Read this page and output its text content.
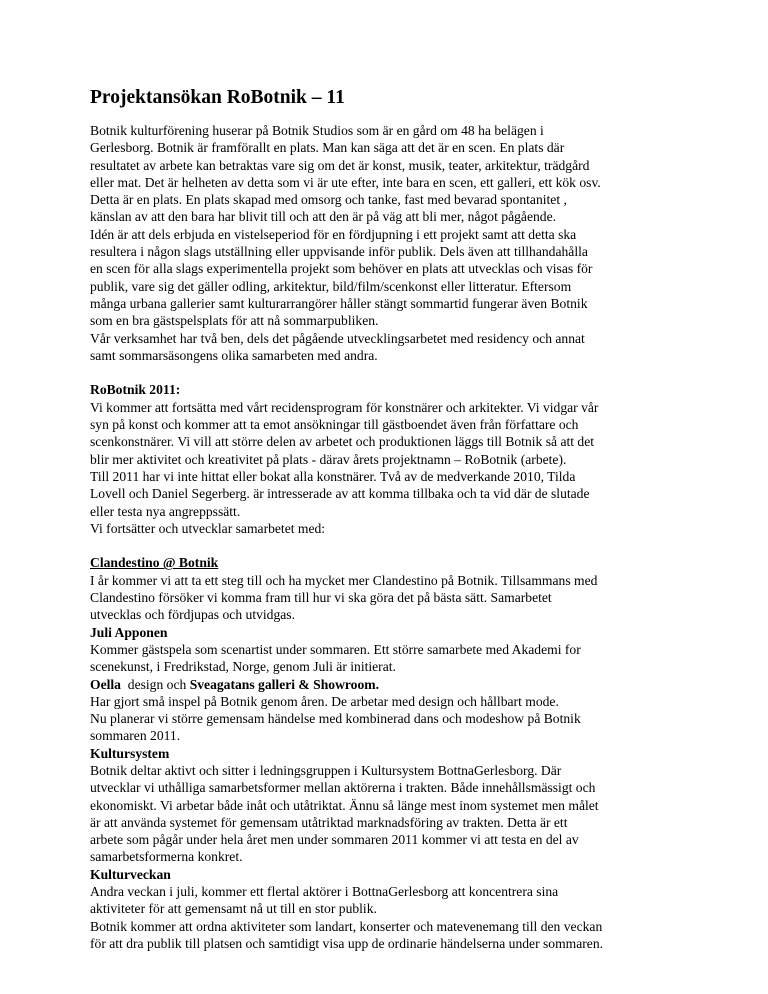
Projektansökan RoBotnik – 11
Botnik kulturförening huserar på Botnik Studios som är en gård om 48 ha belägen i
Gerlesborg. Botnik är framförallt en plats. Man kan säga att det är en scen. En plats där
resultatet av arbete kan betraktas vare sig om det är konst, musik, teater, arkitektur, trädgård
eller mat. Det är helheten av detta som vi är ute efter, inte bara en scen, ett galleri, ett kök osv.
Detta är en plats. En plats skapad med omsorg och tanke, fast med bevarad spontanitet ,
känslan av att den bara har blivit till och att den är på väg att bli mer, något pågående.
Idén är att dels erbjuda en vistelseperiod för en fördjupning i ett projekt samt att detta ska
resultera i någon slags utställning eller uppvisande inför publik. Dels även att tillhandahålla
en scen för alla slags experimentella projekt som behöver en plats att utvecklas och visas för
publik, vare sig det gäller odling, arkitektur, bild/film/scenkonst eller litteratur. Eftersom
många urbana gallerier samt kulturarrangörer håller stängt sommartid fungerar även Botnik
som en bra gästspelsplats för att nå sommarpubliken.
Vår verksamhet har två ben, dels det pågående utvecklingsarbetet med residency och annat
samt sommarsäsongens olika samarbeten med andra.
RoBotnik 2011:
Vi kommer att fortsätta med vårt recidensprogram för konstnärer och arkitekter. Vi vidgar vår
syn på konst och kommer att ta emot ansökningar till gästboendet även från författare och
scenkonstnärer. Vi vill att större delen av arbetet och produktionen läggs till Botnik så att det
blir mer aktivitet och kreativitet på plats - därav årets projektnamn – RoBotnik (arbete).
Till 2011 har vi inte hittat eller bokat alla konstnärer. Två av de medverkande 2010, Tilda
Lovell och Daniel Segerberg. är intresserade av att komma tillbaka och ta vid där de slutade
eller testa nya angreppssätt.
Vi fortsätter och utvecklar samarbetet med:
Clandestino @ Botnik
I år kommer vi att ta ett steg till och ha mycket mer Clandestino på Botnik. Tillsammans med
Clandestino försöker vi komma fram till hur vi ska göra det på bästa sätt. Samarbetet
utvecklas och fördjupas och utvidgas.
Juli Apponen
Kommer gästspela som scenartist under sommaren. Ett större samarbete med Akademi for
scenekunst, i Fredrikstad, Norge, genom Juli är initierat.
Oella  design och Sveagatans galleri & Showroom.
Har gjort små inspel på Botnik genom åren. De arbetar med design och hållbart mode.
Nu planerar vi större gemensam händelse med kombinerad dans och modeshow på Botnik
sommaren 2011.
Kultursystem
Botnik deltar aktivt och sitter i ledningsgruppen i Kultursystem BottnaGerlesborg. Där
utvecklar vi uthålliga samarbetsformer mellan aktörerna i trakten. Både innehållsmässigt och
ekonomiskt. Vi arbetar både inåt och utåtriktat. Ännu så länge mest inom systemet men målet
är att använda systemet för gemensam utåtriktad marknadsföring av trakten. Detta är ett
arbete som pågår under hela året men under sommaren 2011 kommer vi att testa en del av
samarbetsformerna konkret.
Kulturveckan
Andra veckan i juli, kommer ett flertal aktörer i BottnaGerlesborg att koncentrera sina
aktiviteter för att gemensamt nå ut till en stor publik.
Botnik kommer att ordna aktiviteter som landart, konserter och matevenemang till den veckan
för att dra publik till platsen och samtidigt visa upp de ordinarie händelserna under sommaren.
